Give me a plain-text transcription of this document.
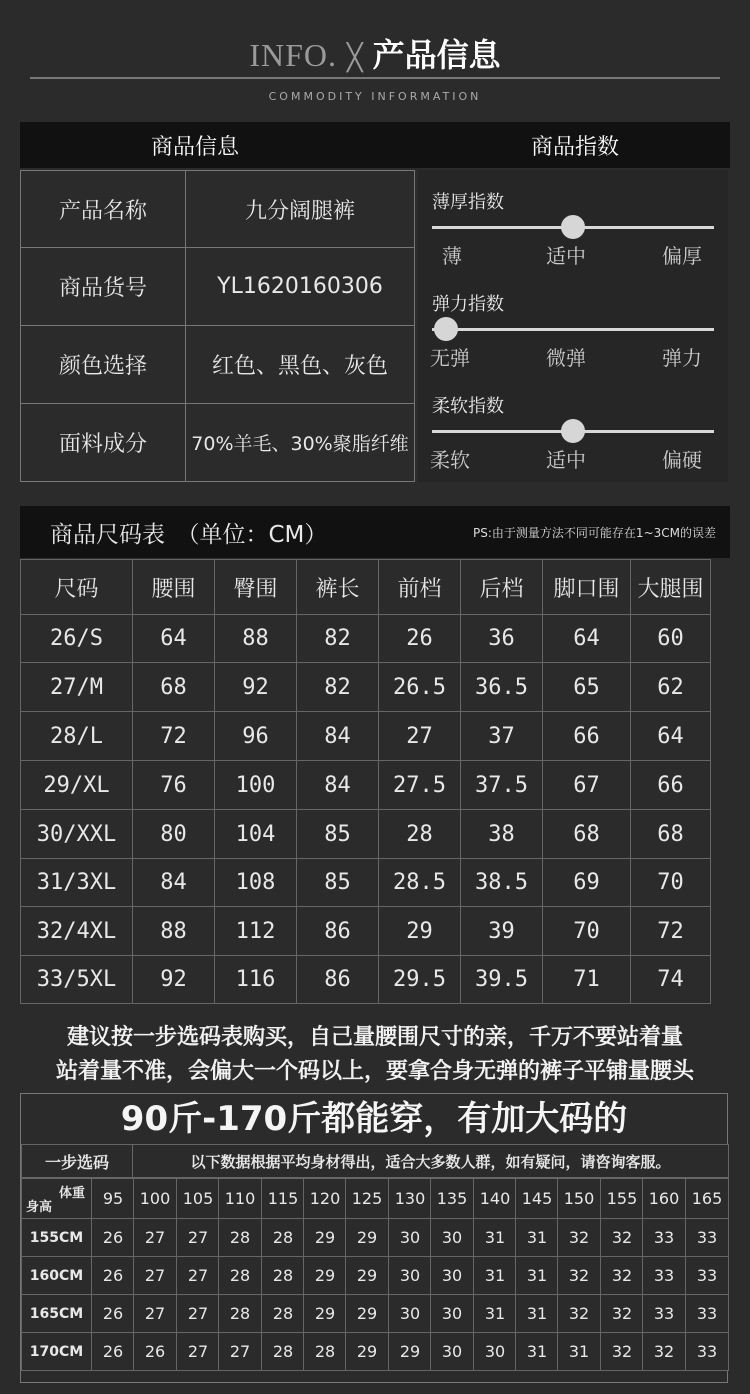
INFO. ╳ 产品信息
COMMODITY INFORMATION
商品信息	商品指数
产品名称	九分阔腿裤
商品货号	YL1620160306
颜色选择	红色、黑色、灰色
面料成分	70%羊毛、30%聚脂纤维
薄厚指数
薄	适中	偏厚
弹力指数
无弹	微弹	弹力
柔软指数
柔软	适中	偏硬
商品尺码表　（单位：CM）	PS:由于测量方法不同可能存在1~3CM的误差
尺码	腰围	臀围	裤长	前档	后档	脚口围 大腿围
26/S	64	88	82	26	36	64	60
27/M	68	92	82	26.5	36.5	65	62
28/L	72	96	84	27	37	66	64
29/XL	76	100	84	27.5	37.5	67	66
30/XXL	80	104	85	28	38	68	68
31/3XL	84	108	85	28.5	38.5	69	70
32/4XL	88	112	86	29	39	70	72
33/5XL	92	116	86	29.5	39.5	71	74
建议按一步选码表购买，自己量腰围尺寸的亲，千万不要站着量
站着量不准，会偏大一个码以上，要拿合身无弹的裤子平铺量腰头
90斤-170斤都能穿，有加大码的
一步选码	以下数据根据平均身材得出，适合大多数人群，如有疑问，请咨询客服。
体重
身高	95	100 105 110 115 120 125 130 135 140 145 150 155 160 165
155CM	26	27	27	28	28	29	29	30	30	31	31	32	32	33	33
160CM	26	27	27	28	28	29	29	30	30	31	31	32	32	33	33
165CM	26	27	27	28	28	29	29	30	30	31	31	32	32	33	33
170CM	26	26	27	27	28	28	29	29	30	30	31	31	32	32	33
